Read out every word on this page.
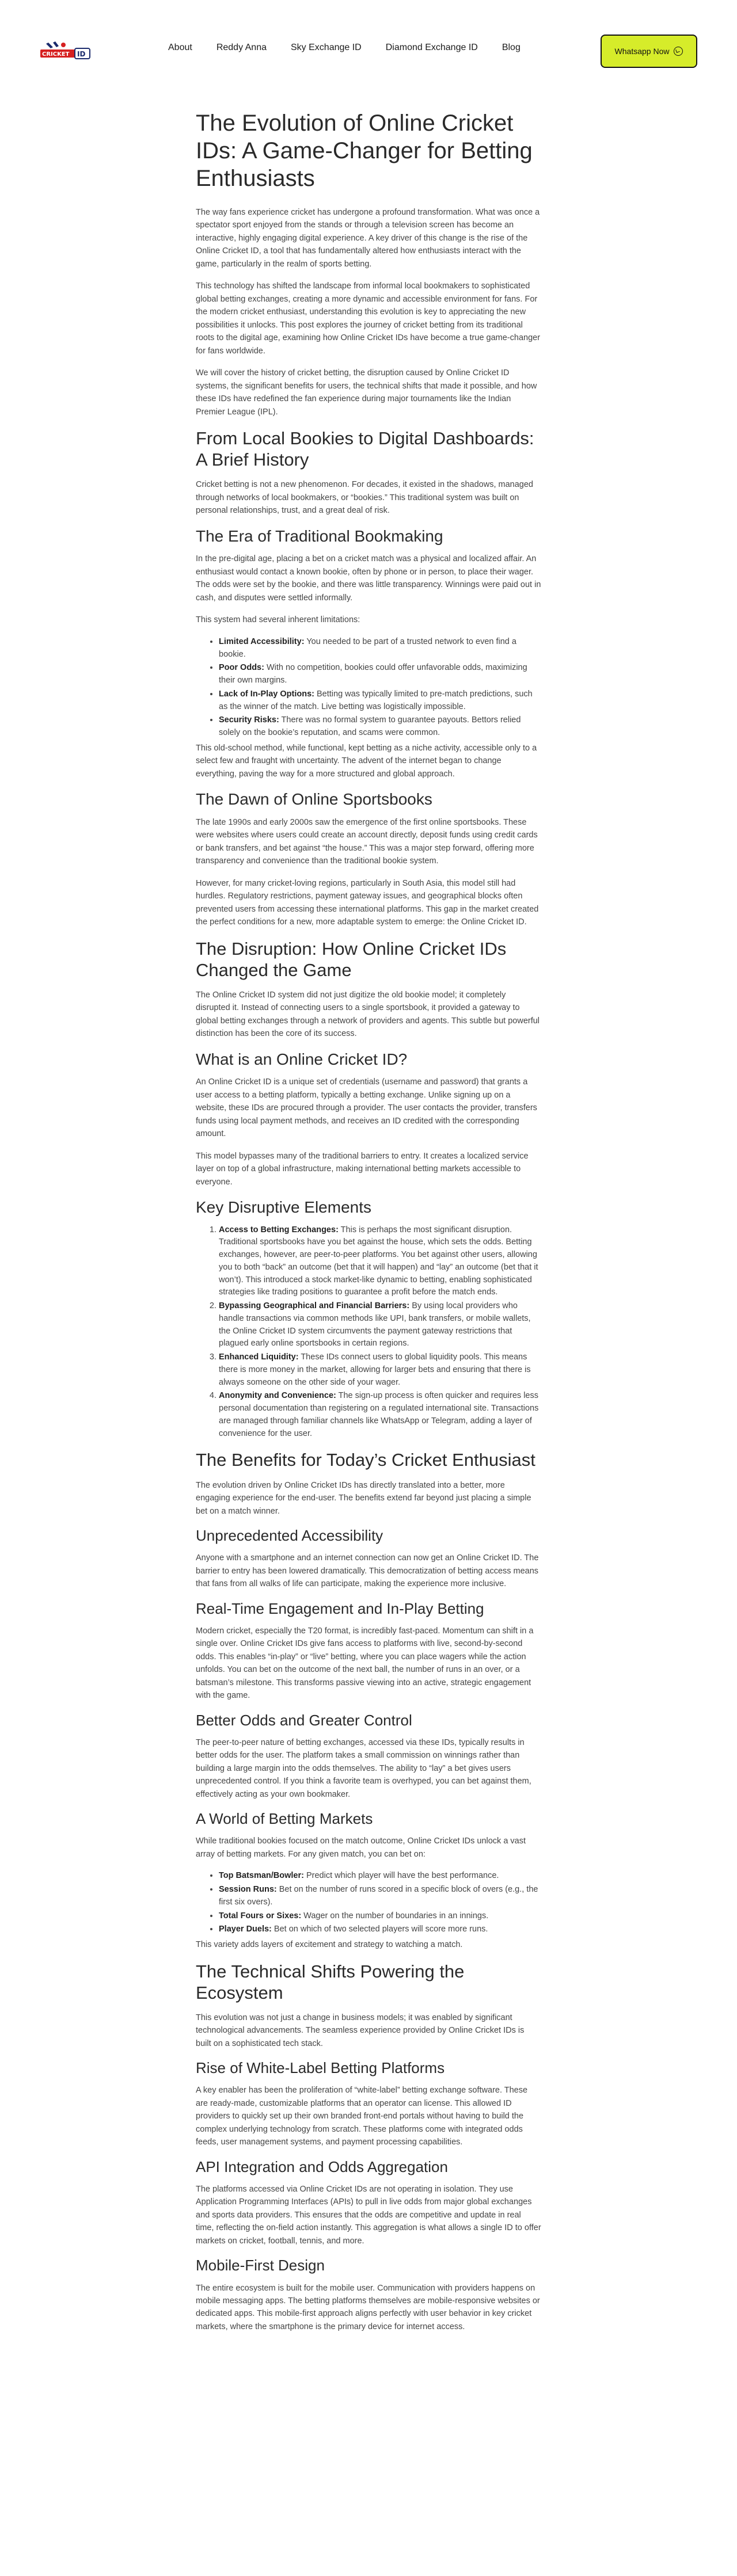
CRICKET ID
About	Reddy Anna	Sky Exchange ID	Diamond Exchange ID	Blog	Whatsapp Now
The Evolution of Online Cricket IDs: A Game-Changer for Betting Enthusiasts

The way fans experience cricket has undergone a profound transformation. What was once a spectator sport enjoyed from the stands or through a television screen has become an interactive, highly engaging digital experience. A key driver of this change is the rise of the Online Cricket ID, a tool that has fundamentally altered how enthusiasts interact with the game, particularly in the realm of sports betting.

This technology has shifted the landscape from informal local bookmakers to sophisticated global betting exchanges, creating a more dynamic and accessible environment for fans. For the modern cricket enthusiast, understanding this evolution is key to appreciating the new possibilities it unlocks. This post explores the journey of cricket betting from its traditional roots to the digital age, examining how Online Cricket IDs have become a true game-changer for fans worldwide.

We will cover the history of cricket betting, the disruption caused by Online Cricket ID systems, the significant benefits for users, the technical shifts that made it possible, and how these IDs have redefined the fan experience during major tournaments like the Indian Premier League (IPL).

From Local Bookies to Digital Dashboards: A Brief History

Cricket betting is not a new phenomenon. For decades, it existed in the shadows, managed through networks of local bookmakers, or “bookies.” This traditional system was built on personal relationships, trust, and a great deal of risk.

The Era of Traditional Bookmaking

In the pre-digital age, placing a bet on a cricket match was a physical and localized affair. An enthusiast would contact a known bookie, often by phone or in person, to place their wager. The odds were set by the bookie, and there was little transparency. Winnings were paid out in cash, and disputes were settled informally.

This system had several inherent limitations:

• Limited Accessibility: You needed to be part of a trusted network to even find a bookie.
• Poor Odds: With no competition, bookies could offer unfavorable odds, maximizing their own margins.
• Lack of In-Play Options: Betting was typically limited to pre-match predictions, such as the winner of the match. Live betting was logistically impossible.
• Security Risks: There was no formal system to guarantee payouts. Bettors relied solely on the bookie’s reputation, and scams were common.

This old-school method, while functional, kept betting as a niche activity, accessible only to a select few and fraught with uncertainty. The advent of the internet began to change everything, paving the way for a more structured and global approach.

The Dawn of Online Sportsbooks

The late 1990s and early 2000s saw the emergence of the first online sportsbooks. These were websites where users could create an account directly, deposit funds using credit cards or bank transfers, and bet against “the house.” This was a major step forward, offering more transparency and convenience than the traditional bookie system.

However, for many cricket-loving regions, particularly in South Asia, this model still had hurdles. Regulatory restrictions, payment gateway issues, and geographical blocks often prevented users from accessing these international platforms. This gap in the market created the perfect conditions for a new, more adaptable system to emerge: the Online Cricket ID.

The Disruption: How Online Cricket IDs Changed the Game

The Online Cricket ID system did not just digitize the old bookie model; it completely disrupted it. Instead of connecting users to a single sportsbook, it provided a gateway to global betting exchanges through a network of providers and agents. This subtle but powerful distinction has been the core of its success.

What is an Online Cricket ID?

An Online Cricket ID is a unique set of credentials (username and password) that grants a user access to a betting platform, typically a betting exchange. Unlike signing up on a website, these IDs are procured through a provider. The user contacts the provider, transfers funds using local payment methods, and receives an ID credited with the corresponding amount.

This model bypasses many of the traditional barriers to entry. It creates a localized service layer on top of a global infrastructure, making international betting markets accessible to everyone.

Key Disruptive Elements
1. Access to Betting Exchanges: This is perhaps the most significant disruption. Traditional sportsbooks have you bet against the house, which sets the odds. Betting exchanges, however, are peer-to-peer platforms. You bet against other users, allowing you to both “back” an outcome (bet that it will happen) and “lay” an outcome (bet that it won’t). This introduced a stock market-like dynamic to betting, enabling sophisticated strategies like trading positions to guarantee a profit before the match ends.
2. Bypassing Geographical and Financial Barriers: By using local providers who handle transactions via common methods like UPI, bank transfers, or mobile wallets, the Online Cricket ID system circumvents the payment gateway restrictions that plagued early online sportsbooks in certain regions.
3. Enhanced Liquidity: These IDs connect users to global liquidity pools. This means there is more money in the market, allowing for larger bets and ensuring that there is always someone on the other side of your wager.
4. Anonymity and Convenience: The sign-up process is often quicker and requires less personal documentation than registering on a regulated international site. Transactions are managed through familiar channels like WhatsApp or Telegram, adding a layer of convenience for the user.
The Benefits for Today’s Cricket Enthusiast

The evolution driven by Online Cricket IDs has directly translated into a better, more engaging experience for the end-user. The benefits extend far beyond just placing a simple bet on a match winner.

Unprecedented Accessibility

Anyone with a smartphone and an internet connection can now get an Online Cricket ID. The barrier to entry has been lowered dramatically. This democratization of betting access means that fans from all walks of life can participate, making the experience more inclusive.

Real-Time Engagement and In-Play Betting

Modern cricket, especially the T20 format, is incredibly fast-paced. Momentum can shift in a single over. Online Cricket IDs give fans access to platforms with live, second-by-second odds. This enables “in-play” or “live” betting, where you can place wagers while the action unfolds. You can bet on the outcome of the next ball, the number of runs in an over, or a batsman’s milestone. This transforms passive viewing into an active, strategic engagement with the game.

Better Odds and Greater Control

The peer-to-peer nature of betting exchanges, accessed via these IDs, typically results in better odds for the user. The platform takes a small commission on winnings rather than building a large margin into the odds themselves. The ability to “lay” a bet gives users unprecedented control. If you think a favorite team is overhyped, you can bet against them, effectively acting as your own bookmaker.

A World of Betting Markets

While traditional bookies focused on the match outcome, Online Cricket IDs unlock a vast array of betting markets. For any given match, you can bet on:

• Top Batsman/Bowler: Predict which player will have the best performance.
• Session Runs: Bet on the number of runs scored in a specific block of overs (e.g., the first six overs).
• Total Fours or Sixes: Wager on the number of boundaries in an innings.
• Player Duels: Bet on which of two selected players will score more runs.

This variety adds layers of excitement and strategy to watching a match.

The Technical Shifts Powering the Ecosystem

This evolution was not just a change in business models; it was enabled by significant technological advancements. The seamless experience provided by Online Cricket IDs is built on a sophisticated tech stack.

Rise of White-Label Betting Platforms

A key enabler has been the proliferation of “white-label” betting exchange software. These are ready-made, customizable platforms that an operator can license. This allowed ID providers to quickly set up their own branded front-end portals without having to build the complex underlying technology from scratch. These platforms come with integrated odds feeds, user management systems, and payment processing capabilities.

API Integration and Odds Aggregation

The platforms accessed via Online Cricket IDs are not operating in isolation. They use Application Programming Interfaces (APIs) to pull in live odds from major global exchanges and sports data providers. This ensures that the odds are competitive and update in real time, reflecting the on-field action instantly. This aggregation is what allows a single ID to offer markets on cricket, football, tennis, and more.

Mobile-First Design

The entire ecosystem is built for the mobile user. Communication with providers happens on mobile messaging apps. The betting platforms themselves are mobile-responsive websites or dedicated apps. This mobile-first approach aligns perfectly with user behavior in key cricket markets, where the smartphone is the primary device for internet access.
